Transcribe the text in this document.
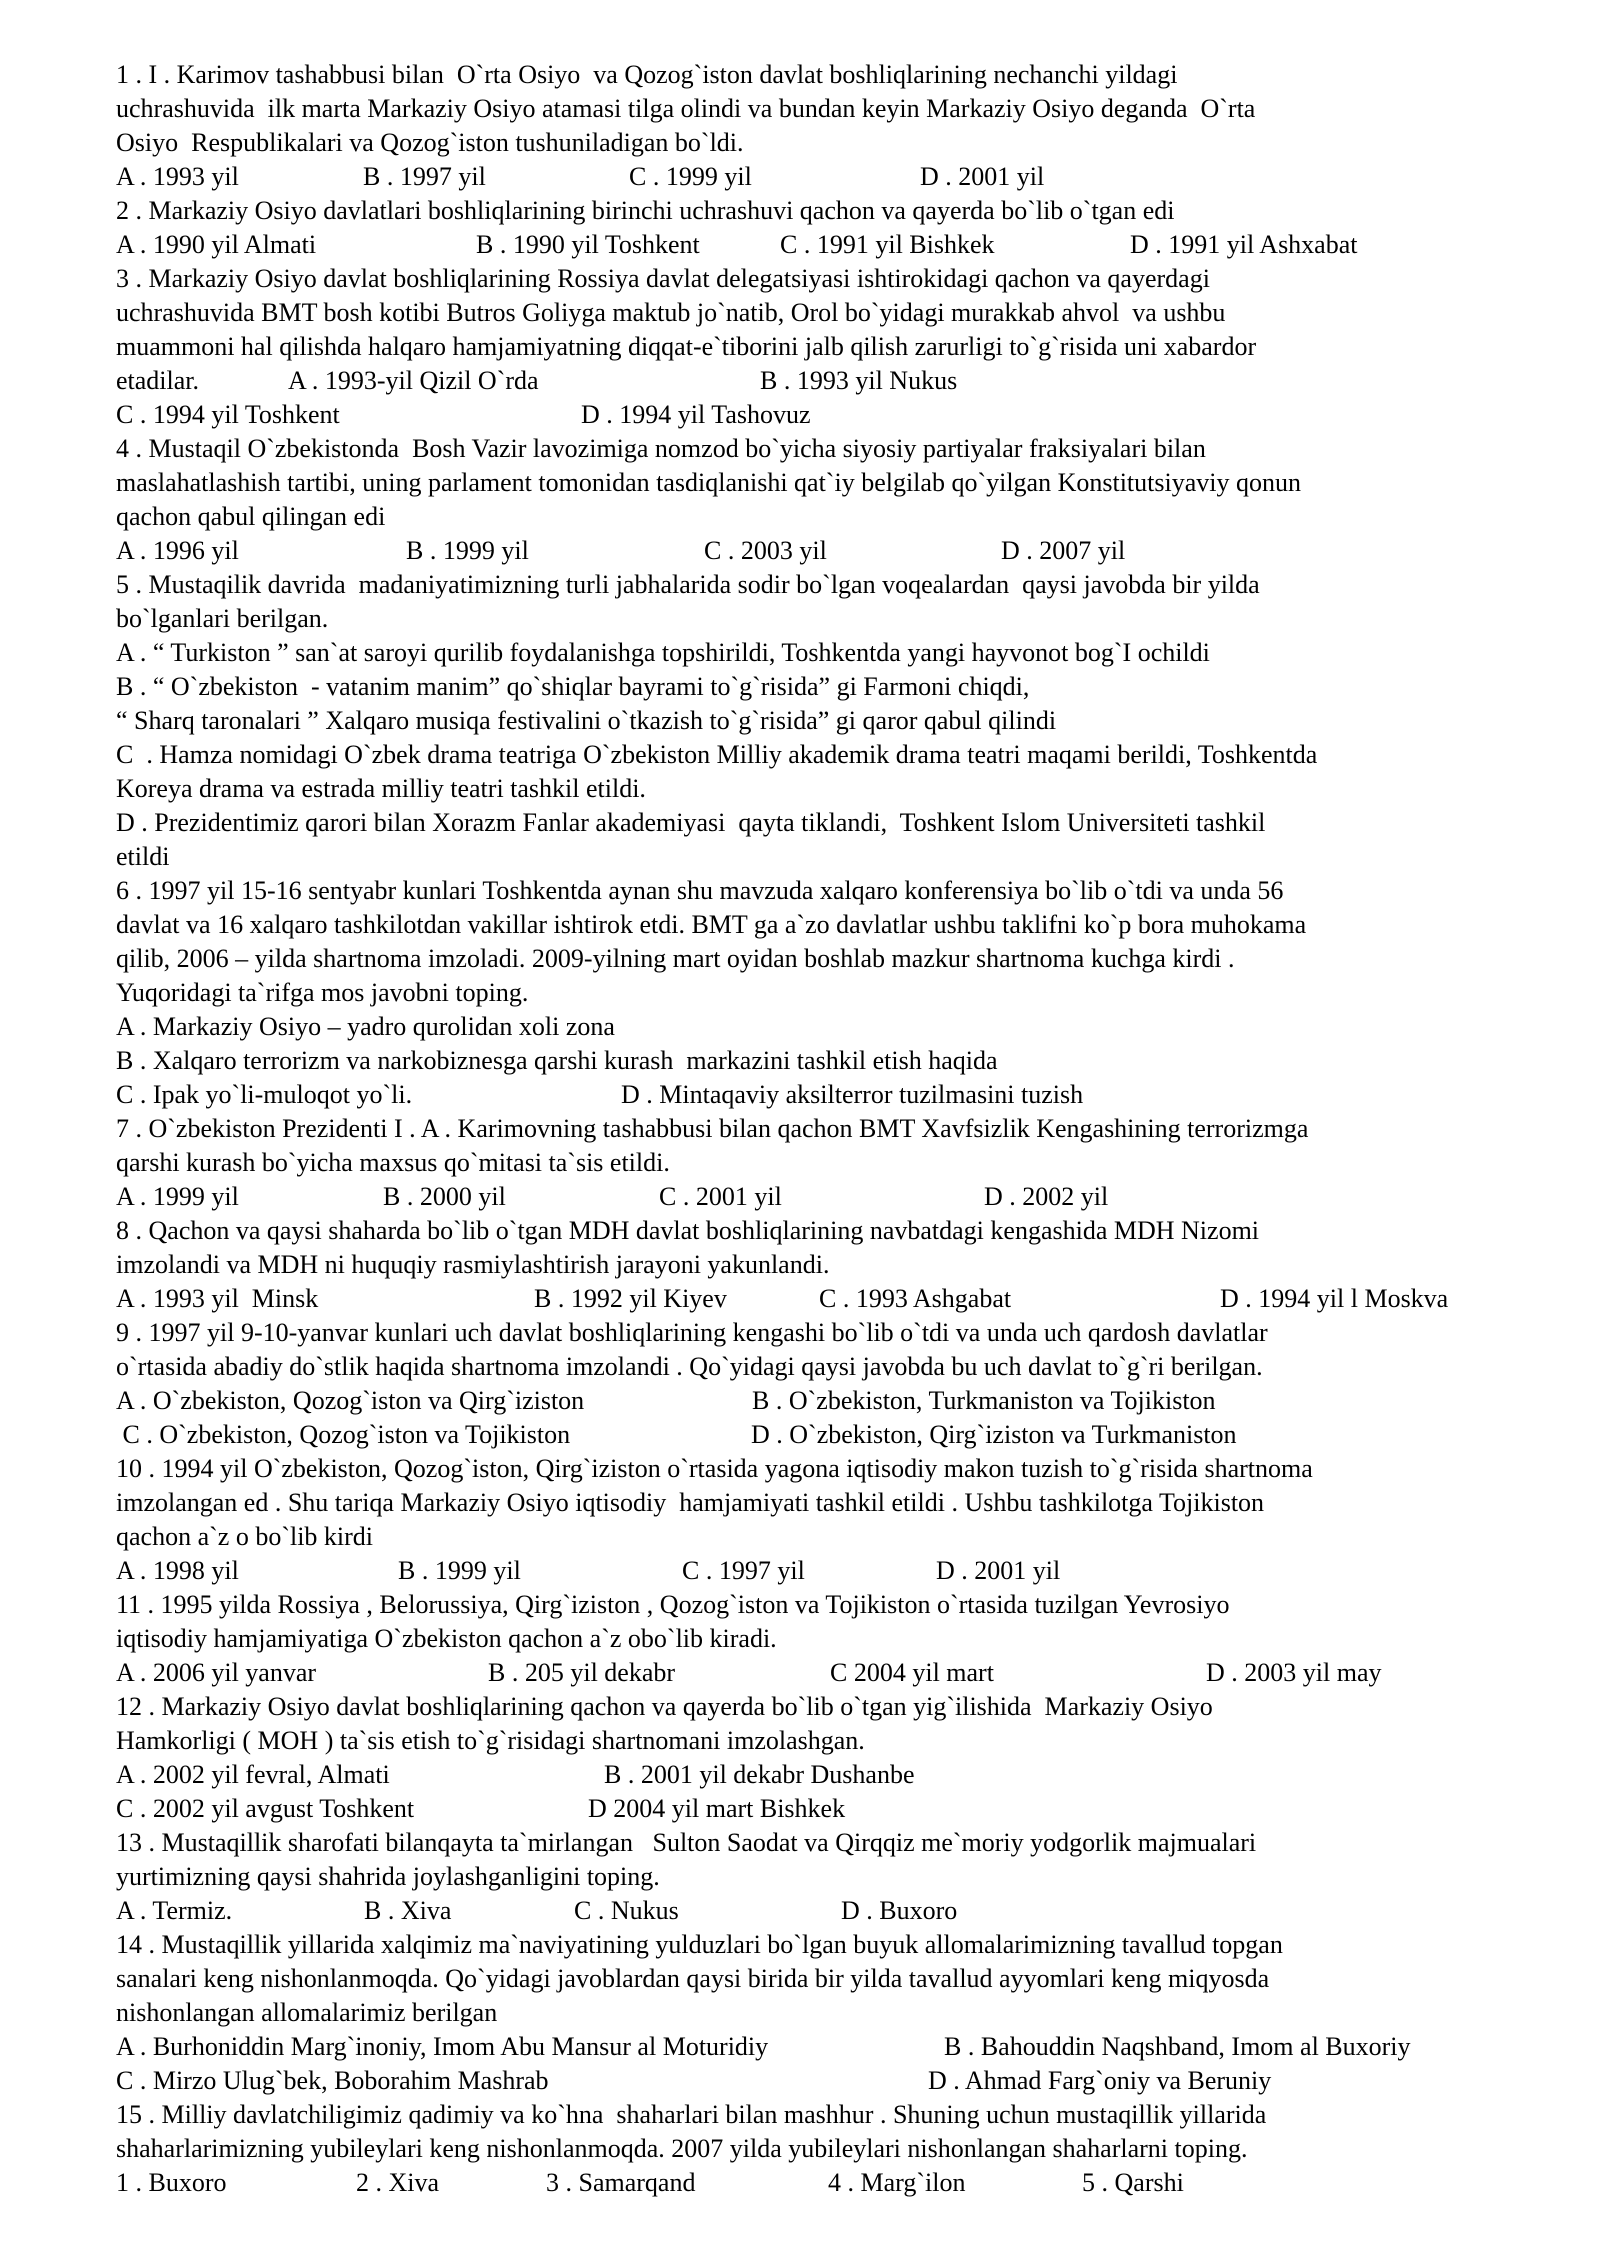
1 . I . Karimov tashabbusi bilan  O`rta Osiyo  va Qozog`iston davlat boshliqlarining nechanchi yildagi
uchrashuvida  ilk marta Markaziy Osiyo atamasi tilga olindi va bundan keyin Markaziy Osiyo deganda  O`rta
Osiyo  Respublikalari va Qozog`iston tushuniladigan bo`ldi.
A . 1993 yil	B . 1997 yil	C . 1999 yil	D . 2001 yil
2 . Markaziy Osiyo davlatlari boshliqlarining birinchi uchrashuvi qachon va qayerda bo`lib o`tgan edi
A . 1990 yil Almati	B . 1990 yil Toshkent	C . 1991 yil Bishkek	D . 1991 yil Ashxabat
3 . Markaziy Osiyo davlat boshliqlarining Rossiya davlat delegatsiyasi ishtirokidagi qachon va qayerdagi
uchrashuvida BMT bosh kotibi Butros Goliyga maktub jo`natib, Orol bo`yidagi murakkab ahvol  va ushbu
muammoni hal qilishda halqaro hamjamiyatning diqqat-e`tiborini jalb qilish zarurligi to`g`risida uni xabardor
etadilar.	A . 1993-yil Qizil O`rda	B . 1993 yil Nukus
C . 1994 yil Toshkent	D . 1994 yil Tashovuz
4 . Mustaqil O`zbekistonda  Bosh Vazir lavozimiga nomzod bo`yicha siyosiy partiyalar fraksiyalari bilan
maslahatlashish tartibi, uning parlament tomonidan tasdiqlanishi qat`iy belgilab qo`yilgan Konstitutsiyaviy qonun
qachon qabul qilingan edi
A . 1996 yil	B . 1999 yil	C . 2003 yil	D . 2007 yil
5 . Mustaqilik davrida  madaniyatimizning turli jabhalarida sodir bo`lgan voqealardan  qaysi javobda bir yilda
bo`lganlari berilgan.
A . “ Turkiston ” san`at saroyi qurilib foydalanishga topshirildi, Toshkentda yangi hayvonot bog`I ochildi
B . “ O`zbekiston  - vatanim manim” qo`shiqlar bayrami to`g`risida” gi Farmoni chiqdi,
“ Sharq taronalari ” Xalqaro musiqa festivalini o`tkazish to`g`risida” gi qaror qabul qilindi
C  . Hamza nomidagi O`zbek drama teatriga O`zbekiston Milliy akademik drama teatri maqami berildi, Toshkentda
Koreya drama va estrada milliy teatri tashkil etildi.
D . Prezidentimiz qarori bilan Xorazm Fanlar akademiyasi  qayta tiklandi,  Toshkent Islom Universiteti tashkil
etildi
6 . 1997 yil 15-16 sentyabr kunlari Toshkentda aynan shu mavzuda xalqaro konferensiya bo`lib o`tdi va unda 56
davlat va 16 xalqaro tashkilotdan vakillar ishtirok etdi. BMT ga a`zo davlatlar ushbu taklifni ko`p bora muhokama
qilib, 2006 – yilda shartnoma imzoladi. 2009-yilning mart oyidan boshlab mazkur shartnoma kuchga kirdi .
Yuqoridagi ta`rifga mos javobni toping.
A . Markaziy Osiyo – yadro qurolidan xoli zona
B . Xalqaro terrorizm va narkobiznesga qarshi kurash  markazini tashkil etish haqida
C . Ipak yo`li-muloqot yo`li.	D . Mintaqaviy aksilterror tuzilmasini tuzish
7 . O`zbekiston Prezidenti I . A . Karimovning tashabbusi bilan qachon BMT Xavfsizlik Kengashining terrorizmga
qarshi kurash bo`yicha maxsus qo`mitasi ta`sis etildi.
A . 1999 yil	B . 2000 yil	C . 2001 yil	D . 2002 yil
8 . Qachon va qaysi shaharda bo`lib o`tgan MDH davlat boshliqlarining navbatdagi kengashida MDH Nizomi
imzolandi va MDH ni huquqiy rasmiylashtirish jarayoni yakunlandi.
A . 1993 yil  Minsk	B . 1992 yil Kiyev	C . 1993 Ashgabat	D . 1994 yil l Moskva
9 . 1997 yil 9-10-yanvar kunlari uch davlat boshliqlarining kengashi bo`lib o`tdi va unda uch qardosh davlatlar
o`rtasida abadiy do`stlik haqida shartnoma imzolandi . Qo`yidagi qaysi javobda bu uch davlat to`g`ri berilgan.
A . O`zbekiston, Qozog`iston va Qirg`iziston	B . O`zbekiston, Turkmaniston va Tojikiston
C . O`zbekiston, Qozog`iston va Tojikiston	D . O`zbekiston, Qirg`iziston va Turkmaniston
10 . 1994 yil O`zbekiston, Qozog`iston, Qirg`iziston o`rtasida yagona iqtisodiy makon tuzish to`g`risida shartnoma
imzolangan ed . Shu tariqa Markaziy Osiyo iqtisodiy  hamjamiyati tashkil etildi . Ushbu tashkilotga Tojikiston
qachon a`z o bo`lib kirdi
A . 1998 yil	B . 1999 yil	C . 1997 yil	D . 2001 yil
11 . 1995 yilda Rossiya , Belorussiya, Qirg`iziston , Qozog`iston va Tojikiston o`rtasida tuzilgan Yevrosiyo
iqtisodiy hamjamiyatiga O`zbekiston qachon a`z obo`lib kiradi.
A . 2006 yil yanvar	B . 205 yil dekabr	C 2004 yil mart	D . 2003 yil may
12 . Markaziy Osiyo davlat boshliqlarining qachon va qayerda bo`lib o`tgan yig`ilishida  Markaziy Osiyo
Hamkorligi ( MOH ) ta`sis etish to`g`risidagi shartnomani imzolashgan.
A . 2002 yil fevral, Almati	B . 2001 yil dekabr Dushanbe
C . 2002 yil avgust Toshkent	D 2004 yil mart Bishkek
13 . Mustaqillik sharofati bilanqayta ta`mirlangan   Sulton Saodat va Qirqqiz me`moriy yodgorlik majmualari
yurtimizning qaysi shahrida joylashganligini toping.
A . Termiz.	B . Xiva	C . Nukus	D . Buxoro
14 . Mustaqillik yillarida xalqimiz ma`naviyatining yulduzlari bo`lgan buyuk allomalarimizning tavallud topgan
sanalari keng nishonlanmoqda. Qo`yidagi javoblardan qaysi birida bir yilda tavallud ayyomlari keng miqyosda
nishonlangan allomalarimiz berilgan
A . Burhoniddin Marg`inoniy, Imom Abu Mansur al Moturidiy	B . Bahouddin Naqshband, Imom al Buxoriy
C . Mirzo Ulug`bek, Boborahim Mashrab	D . Ahmad Farg`oniy va Beruniy
15 . Milliy davlatchiligimiz qadimiy va ko`hna  shaharlari bilan mashhur . Shuning uchun mustaqillik yillarida
shaharlarimizning yubileylari keng nishonlanmoqda. 2007 yilda yubileylari nishonlangan shaharlarni toping.
1 . Buxoro	2 . Xiva	3 . Samarqand	4 . Marg`ilon	5 . Qarshi
